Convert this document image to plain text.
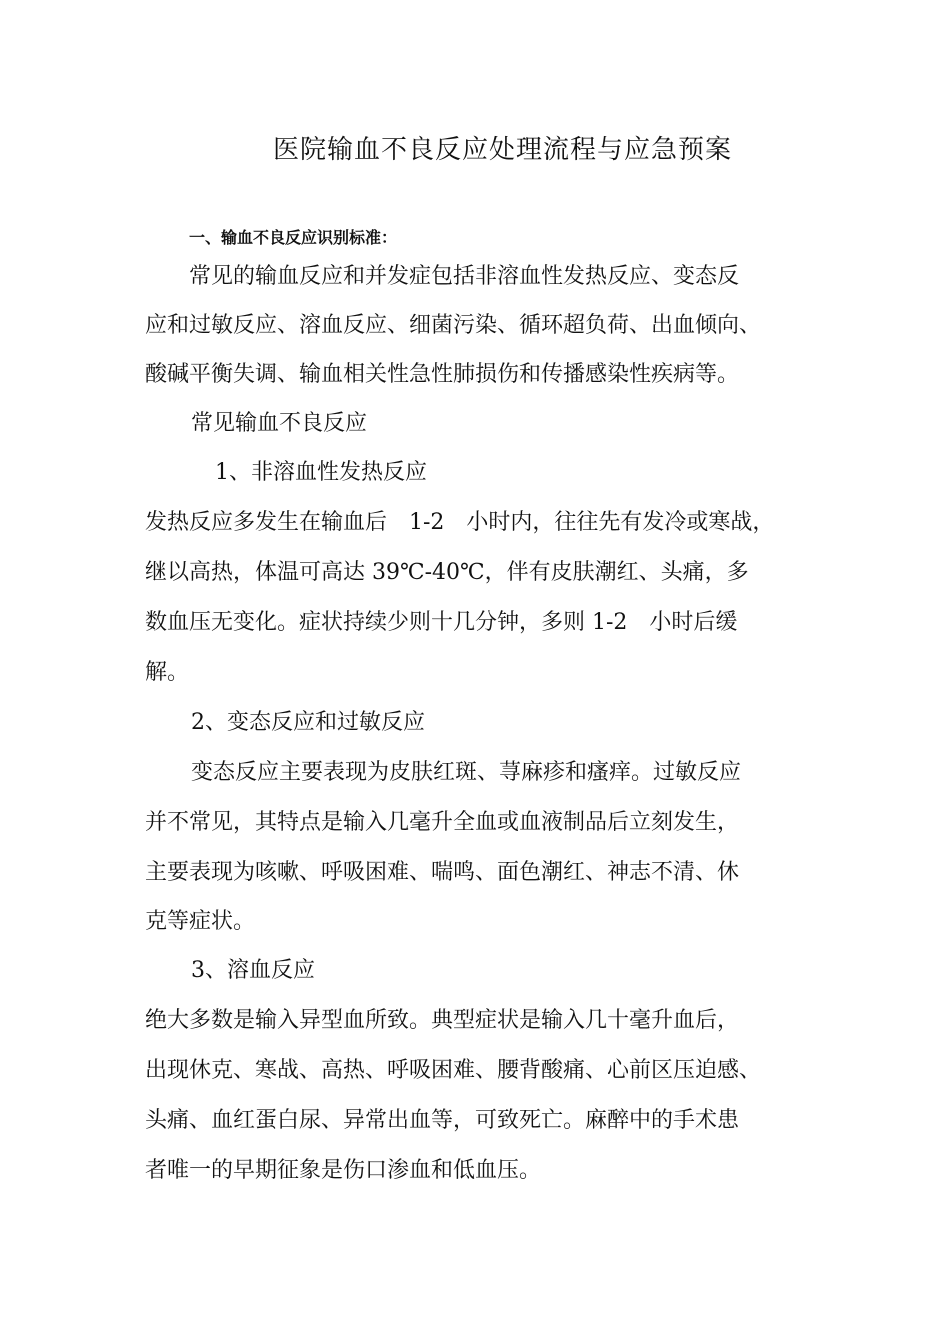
医院输血不良反应处理流程与应急预案
一、输血不良反应识别标准：
常见的输血反应和并发症包括非溶血性发热反应、变态反
应和过敏反应、溶血反应、细菌污染、循环超负荷、出血倾向、
酸碱平衡失调、输血相关性急性肺损伤和传播感染性疾病等。
常见输血不良反应
1、非溶血性发热反应
发热反应多发生在输血后　1-2　小时内，往往先有发冷或寒战，
继以高热，体温可高达 39℃-40℃，伴有皮肤潮红、头痛，多
数血压无变化。症状持续少则十几分钟，多则 1-2　小时后缓
解。
2、变态反应和过敏反应
变态反应主要表现为皮肤红斑、荨麻疹和瘙痒。过敏反应
并不常见，其特点是输入几毫升全血或血液制品后立刻发生，
主要表现为咳嗽、呼吸困难、喘鸣、面色潮红、神志不清、休
克等症状。
3、溶血反应
绝大多数是输入异型血所致。典型症状是输入几十毫升血后，
出现休克、寒战、高热、呼吸困难、腰背酸痛、心前区压迫感、
头痛、血红蛋白尿、异常出血等，可致死亡。麻醉中的手术患
者唯一的早期征象是伤口渗血和低血压。
